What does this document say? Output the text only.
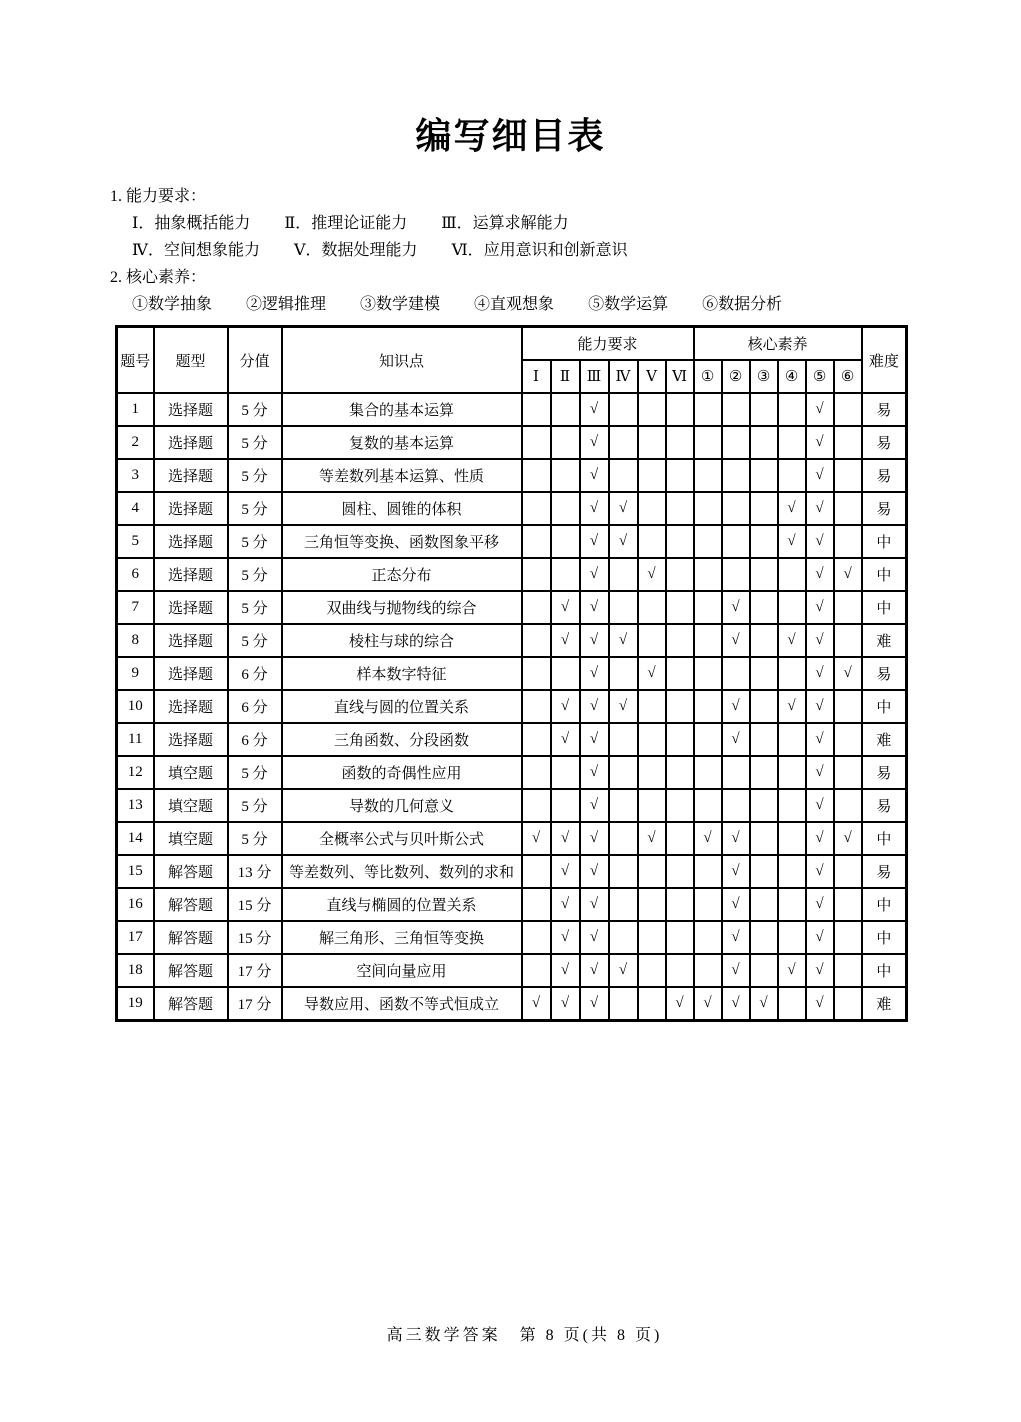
编写细目表

1. 能力要求：

Ⅰ．抽象概括能力 Ⅱ．推理论证能力 Ⅲ．运算求解能力

Ⅳ．空间想象能力 Ⅴ．数据处理能力 Ⅵ．应用意识和创新意识

2. 核心素养：

①数学抽象 ②逻辑推理 ③数学建模 ④直观想象 ⑤数学运算 ⑥数据分析

题号	题型	分值	知识点	能力要求						核心素养						难度
				Ⅰ	Ⅱ	Ⅲ	Ⅳ	Ⅴ	Ⅵ	①	②	③	④	⑤	⑥	
1	选择题	5 分	集合的基本运算			√								√		易
2	选择题	5 分	复数的基本运算			√								√		易
3	选择题	5 分	等差数列基本运算、性质			√								√		易
4	选择题	5 分	圆柱、圆锥的体积			√	√						√	√		易
5	选择题	5 分	三角恒等变换、函数图象平移			√	√						√	√		中
6	选择题	5 分	正态分布			√		√						√	√	中
7	选择题	5 分	双曲线与抛物线的综合		√	√					√			√		中
8	选择题	5 分	棱柱与球的综合		√	√	√				√		√	√		难
9	选择题	6 分	样本数字特征			√		√						√	√	易
10	选择题	6 分	直线与圆的位置关系		√	√	√				√		√	√		中
11	选择题	6 分	三角函数、分段函数		√	√					√			√		难
12	填空题	5 分	函数的奇偶性应用			√								√		易
13	填空题	5 分	导数的几何意义			√								√		易
14	填空题	5 分	全概率公式与贝叶斯公式	√	√	√		√		√	√			√	√	中
15	解答题	13 分	等差数列、等比数列、数列的求和		√	√					√			√		易
16	解答题	15 分	直线与椭圆的位置关系		√	√					√			√		中
17	解答题	15 分	解三角形、三角恒等变换		√	√					√			√		中
18	解答题	17 分	空间向量应用		√	√	√				√		√	√		中
19	解答题	17 分	导数应用、函数不等式恒成立	√	√	√			√	√	√	√		√		难

高三数学答案　第 8 页(共 8 页)
